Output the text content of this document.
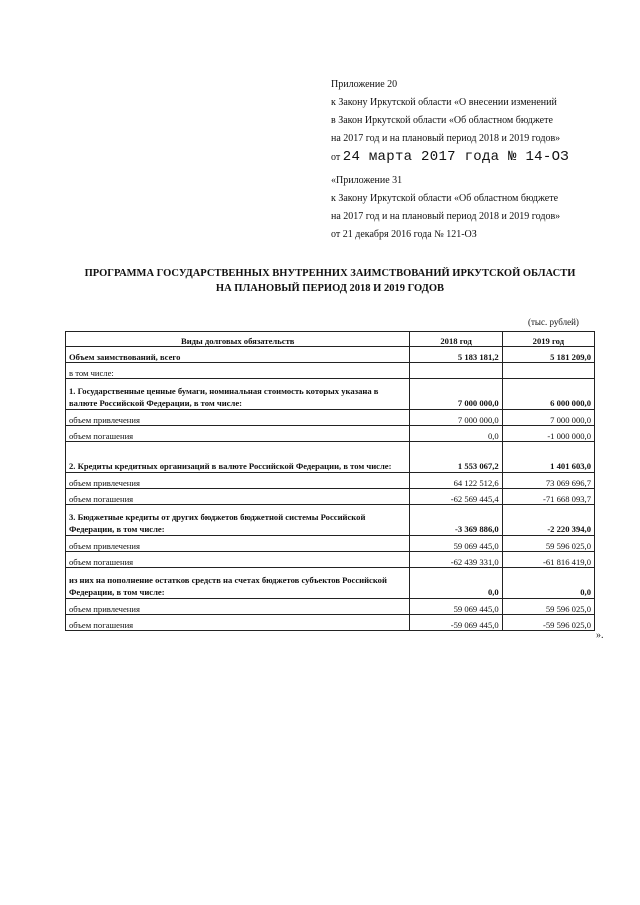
Приложение 20
к Закону Иркутской области «О внесении изменений
в Закон Иркутской области «Об областном бюджете
на 2017 год и на плановый период 2018 и 2019 годов»
от 24 марта 2017 года № 14-ОЗ
«Приложение 31
к Закону Иркутской области «Об областном бюджете
на 2017 год и на плановый период 2018 и 2019 годов»
от 21 декабря 2016 года № 121-ОЗ
ПРОГРАММА ГОСУДАРСТВЕННЫХ ВНУТРЕННИХ ЗАИМСТВОВАНИЙ ИРКУТСКОЙ ОБЛАСТИ
НА ПЛАНОВЫЙ ПЕРИОД 2018 И 2019 ГОДОВ
(тыс. рублей)
Виды долговых обязательств	2018 год	2019 год
Объем заимствований, всего	5 183 181,2	5 181 209,0
в том числе:		
1. Государственные ценные бумаги, номинальная стоимость которых указана в валюте Российской Федерации, в том числе:	7 000 000,0	6 000 000,0
объем привлечения	7 000 000,0	7 000 000,0
объем погашения	0,0	-1 000 000,0
2. Кредиты кредитных организаций в валюте Российской Федерации, в том числе:	1 553 067,2	1 401 603,0
объем привлечения	64 122 512,6	73 069 696,7
объем погашения	-62 569 445,4	-71 668 093,7
3. Бюджетные кредиты от других бюджетов бюджетной системы Российской Федерации, в том числе:	-3 369 886,0	-2 220 394,0
объем привлечения	59 069 445,0	59 596 025,0
объем погашения	-62 439 331,0	-61 816 419,0
из них на пополнение остатков средств на счетах бюджетов субъектов Российской Федерации, в том числе:	0,0	0,0
объем привлечения	59 069 445,0	59 596 025,0
объем погашения	-59 069 445,0	-59 596 025,0
».
